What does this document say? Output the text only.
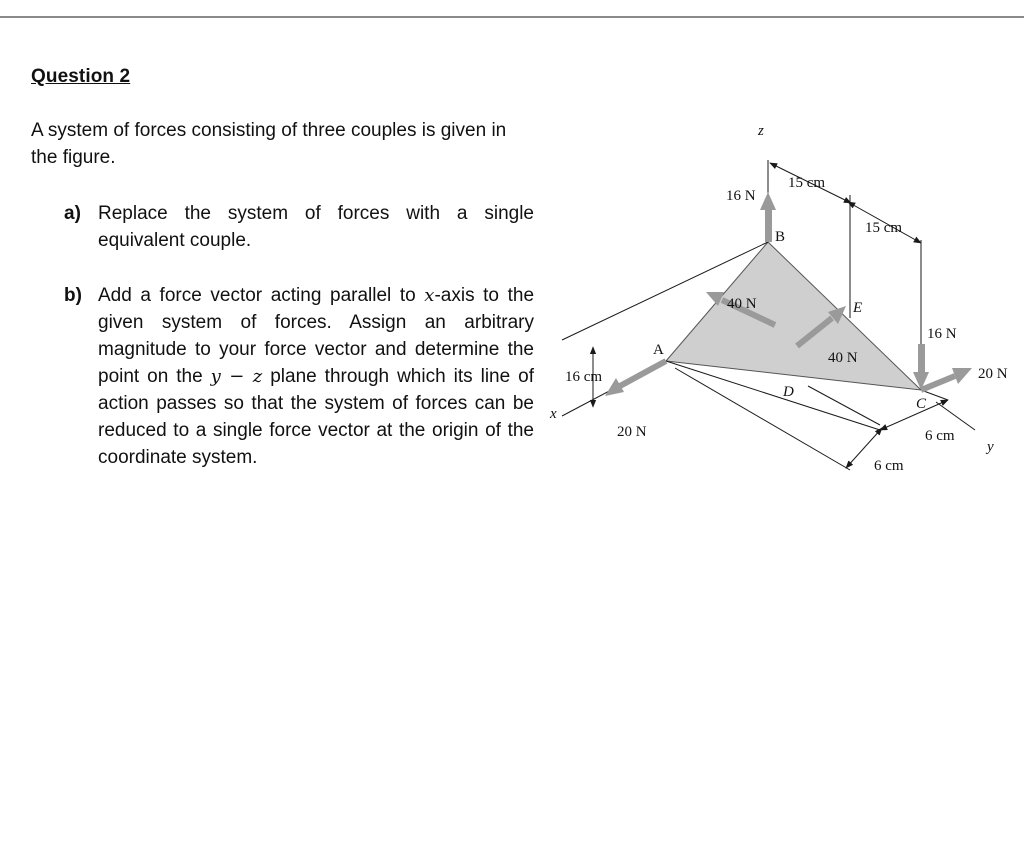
Question 2
A system of forces consisting of three couples is given in the figure.
a) Replace the system of forces with a single equivalent couple.
b) Add a force vector acting parallel to x-axis to the given system of forces. Assign an arbitrary magnitude to your force vector and determine the point on the y − z plane through which its line of action passes so that the system of forces can be reduced to a single force vector at the origin of the coordinate system.
z
x
y
A
B
C
D
E
16 N
16 N
20 N
20 N
40 N
40 N
15 cm
15 cm
16 cm
6 cm
6 cm
